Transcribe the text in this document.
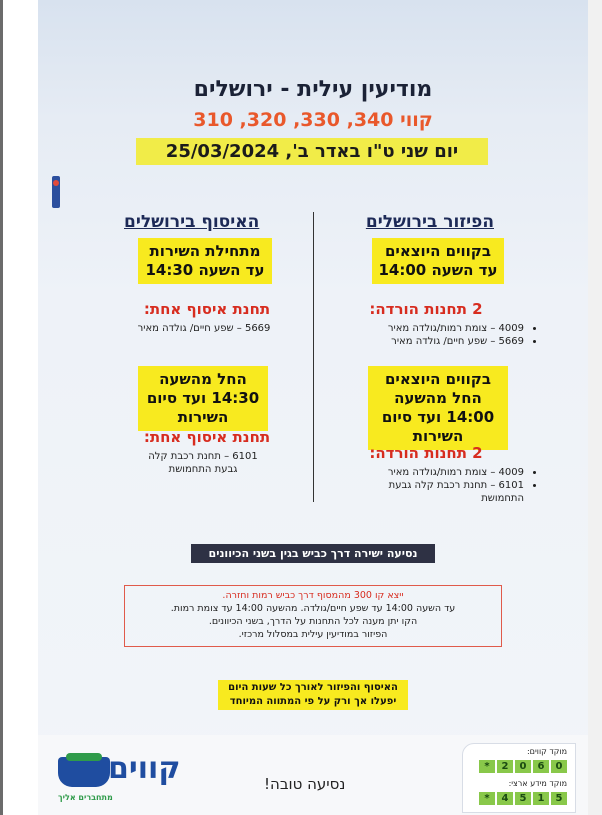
מודיעין עילית - ירושלים
קווי 340, 330, 320, 310
יום שני ט"ו באדר ב', 25/03/2024
הפיזור בירושלים
בקווים היוצאים עד השעה 14:00
2 תחנות הורדה:
• 4009 – צומת רמות/גולדה מאיר
• 5669 – שפע חיים/ גולדה מאיר
בקווים היוצאים החל מהשעה 14:00 ועד סיום השירות
2 תחנות הורדה:
• 4009 – צומת רמות/גולדה מאיר
• 6101 – תחנת רכבת קלה גבעת התחמושת
האיסוף בירושלים
מתחילת השירות עד השעה 14:30
תחנת איסוף אחת:

5669 – שפע חיים/ גולדה מאיר

החל מהשעה 14:30 ועד סיום השירות
תחנת איסוף אחת:

6101 – תחנת רכבת קלה גבעת התחמושת

נסיעה ישירה דרך כביש בגין בשני הכיוונים
ייצא קו 300 מהמסוף דרך כביש רמות וחזרה.
עד השעה 14:00 עד שפע חיים/גולדה. מהשעה 14:00 עד צומת רמות.
הקו יתן מענה לכל התחנות על הדרך, בשני הכיוונים.
הפיזור במודיעין עילית במסלול מרכזי.
האיסוף והפיזור לאורך כל שעות היום
יפעלו אך ורק על פי המתווה המיוחד
קווים
מתחברים אליך
נסיעה טובה!
מוקד קווים:
*	2	0	6	0
מוקד מידע ארצי:
*	4	5	1	5
